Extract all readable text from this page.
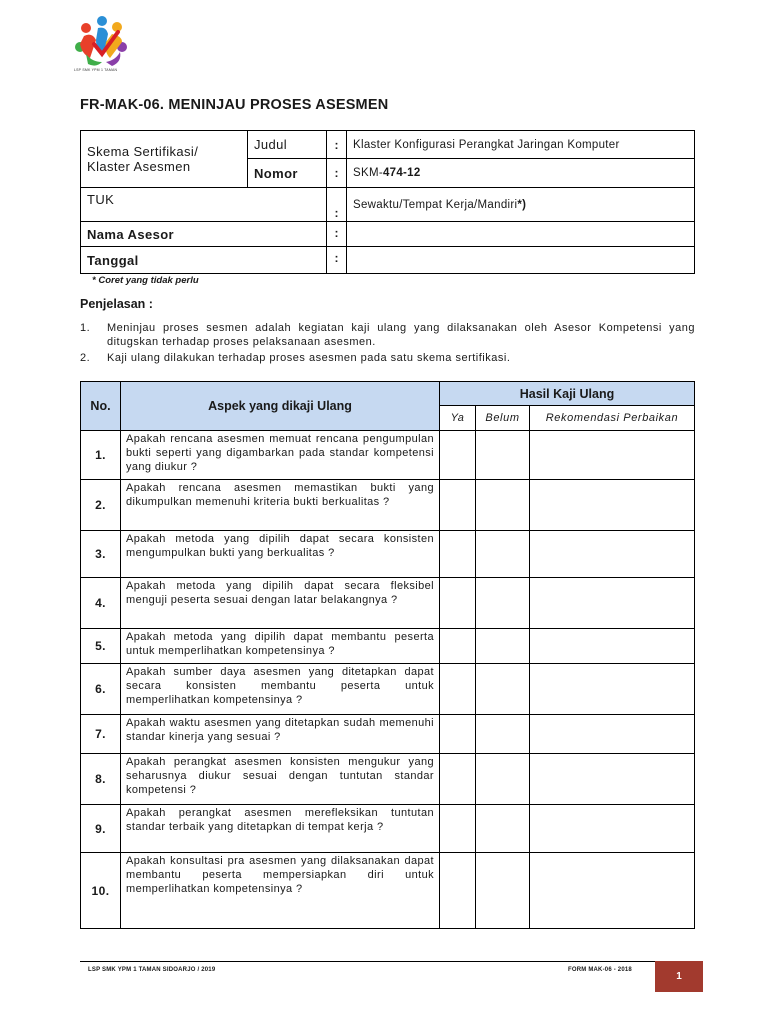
LSP SMK YPM 1 TAMAN
FR-MAK-06. MENINJAU PROSES ASESMEN
Skema Sertifikasi/ Klaster Asesmen	Judul	:	Klaster Konfigurasi Perangkat Jaringan Komputer
	Nomor	:	SKM-474-12
TUK		:	Sewaktu/Tempat Kerja/Mandiri*)
Nama Asesor		:	
Tanggal		:	
* Coret yang tidak perlu
Penjelasan :
1.	Meninjau proses sesmen adalah kegiatan kaji ulang yang dilaksanakan oleh Asesor Kompetensi yang ditugskan terhadap proses pelaksanaan asesmen.
2.	Kaji ulang dilakukan terhadap proses asesmen pada satu skema sertifikasi.
No.	Aspek yang dikaji Ulang	Hasil Kaji Ulang		
		Ya	Belum	Rekomendasi Perbaikan
1.	Apakah rencana asesmen memuat rencana pengumpulan bukti seperti yang digambarkan pada standar kompetensi yang diukur ?			
2.	Apakah rencana asesmen memastikan bukti yang dikumpulkan memenuhi kriteria bukti berkualitas ?			
3.	Apakah metoda yang dipilih dapat secara konsisten mengumpulkan bukti yang berkualitas ?			
4.	Apakah metoda yang dipilih dapat secara fleksibel menguji peserta sesuai dengan latar belakangnya ?			
5.	Apakah metoda yang dipilih dapat membantu peserta untuk memperlihatkan kompetensinya ?			
6.	Apakah sumber daya asesmen yang ditetapkan dapat secara konsisten membantu peserta untuk memperlihatkan kompetensinya ?			
7.	Apakah waktu asesmen yang ditetapkan sudah memenuhi standar kinerja yang sesuai ?			
8.	Apakah perangkat asesmen konsisten mengukur yang seharusnya diukur sesuai dengan tuntutan standar kompetensi ?			
9.	Apakah perangkat asesmen merefleksikan tuntutan standar terbaik yang ditetapkan di tempat kerja ?			
10.	Apakah konsultasi pra asesmen yang dilaksanakan dapat membantu peserta mempersiapkan diri untuk memperlihatkan kompetensinya ?			
LSP SMK YPM 1 TAMAN SIDOARJO / 2019	FORM MAK-06 - 2018
1
